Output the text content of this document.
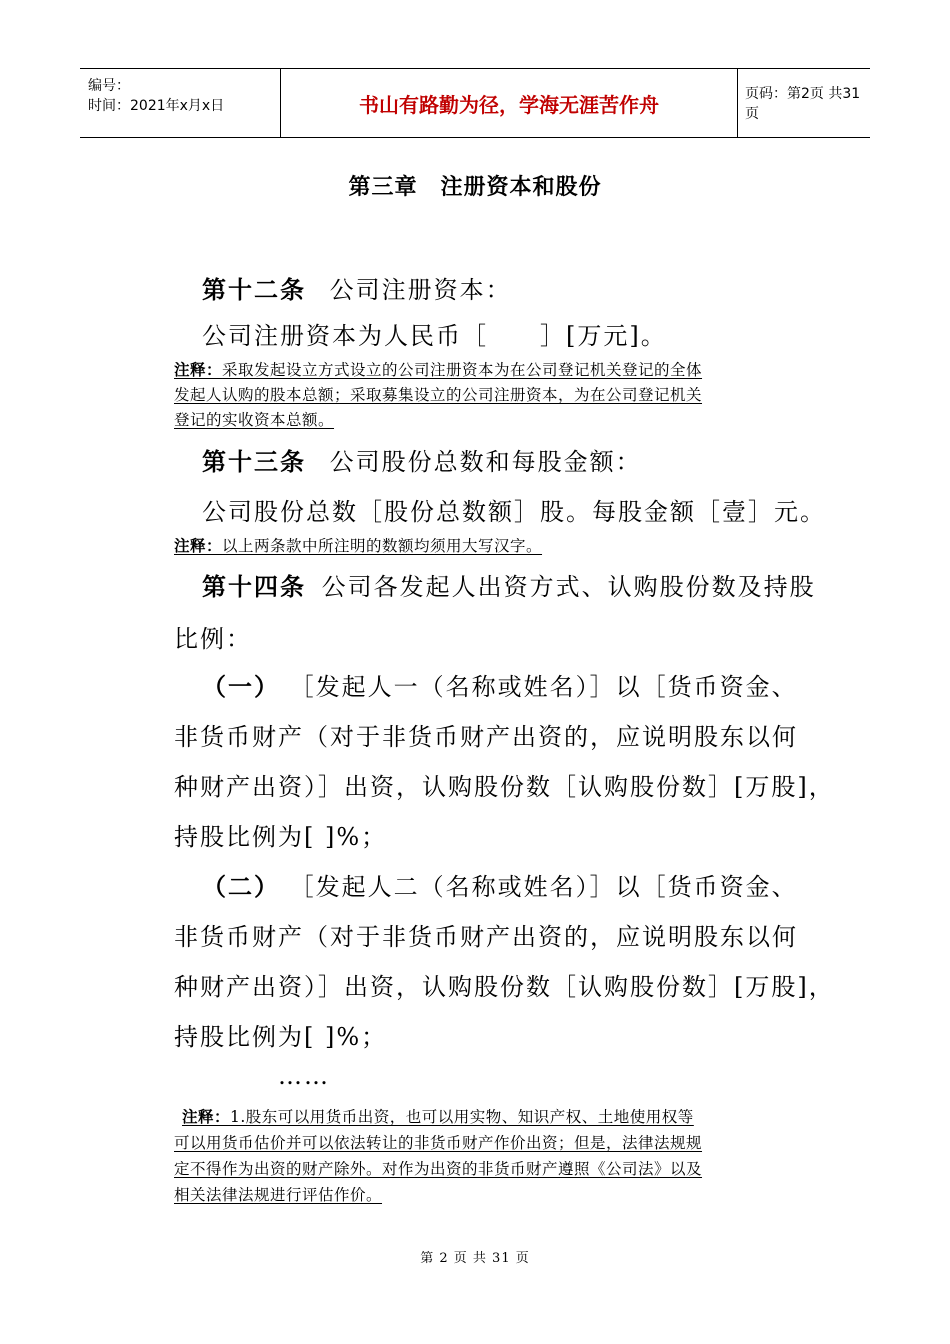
编号：
时间：2021年x月x日	书山有路勤为径，学海无涯苦作舟	页码：第2页 共31页
第三章　注册资本和股份
第十二条 公司注册资本：
公司注册资本为人民币［　　］[万元]。
注释：采取发起设立方式设立的公司注册资本为在公司登记机关登记的全体
发起人认购的股本总额；采取募集设立的公司注册资本，为在公司登记机关
登记的实收资本总额。
第十三条 公司股份总数和每股金额：
公司股份总数［股份总数额］股。每股金额［壹］元。
注释：以上两条款中所注明的数额均须用大写汉字。
第十四条 公司各发起人出资方式、认购股份数及持股
比例：
（一） ［发起人一（名称或姓名）］以［货币资金、
非货币财产（对于非货币财产出资的，应说明股东以何
种财产出资）］出资，认购股份数［认购股份数］[万股]，
持股比例为[ ]%；
（二） ［发起人二（名称或姓名）］以［货币资金、
非货币财产（对于非货币财产出资的，应说明股东以何
种财产出资）］出资，认购股份数［认购股份数］[万股]，
持股比例为[ ]%；
……
注释：1.股东可以用货币出资，也可以用实物、知识产权、土地使用权等
可以用货币估价并可以依法转让的非货币财产作价出资；但是，法律法规规
定不得作为出资的财产除外。对作为出资的非货币财产遵照《公司法》以及
相关法律法规进行评估作价。
第 2 页 共 31 页
